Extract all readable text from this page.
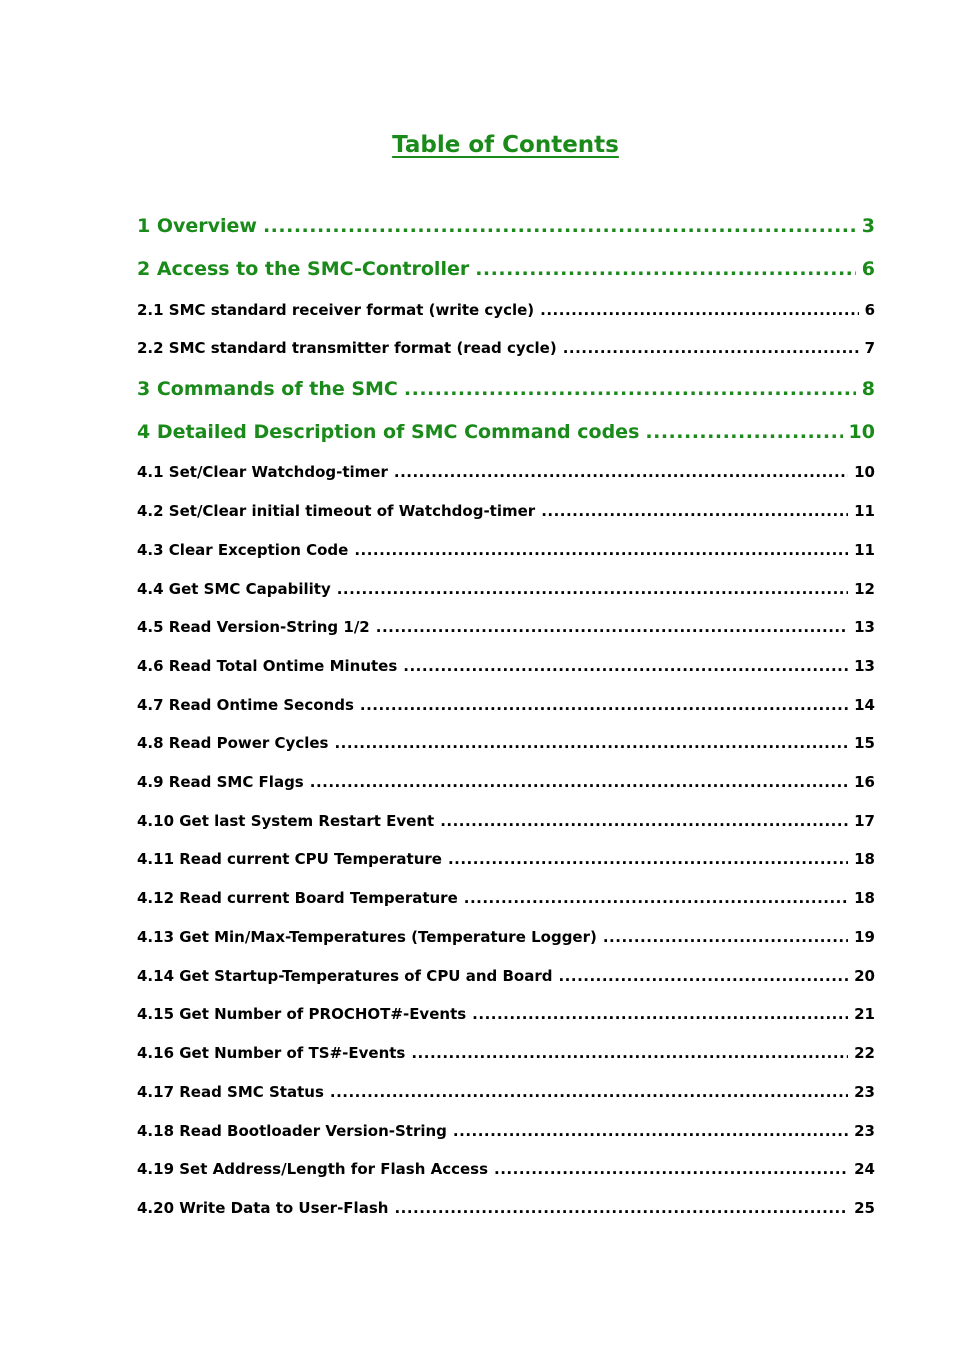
Table of Contents
1 Overview .....	3
2 Access to the SMC-Controller .....	6
2.1 SMC standard receiver format (write cycle) .....	6
2.2 SMC standard transmitter format (read cycle) .....	7
3 Commands of the SMC .....	8
4 Detailed Description of SMC Command codes .....	10
4.1 Set/Clear Watchdog-timer .....	10
4.2 Set/Clear initial timeout of Watchdog-timer .....	11
4.3 Clear Exception Code .....	11
4.4 Get SMC Capability .....	12
4.5 Read Version-String 1/2 .....	13
4.6 Read Total Ontime Minutes .....	13
4.7 Read Ontime Seconds .....	14
4.8 Read Power Cycles .....	15
4.9 Read SMC Flags .....	16
4.10 Get last System Restart Event .....	17
4.11 Read current CPU Temperature .....	18
4.12 Read current Board Temperature .....	18
4.13 Get Min/Max-Temperatures (Temperature Logger) .....	19
4.14 Get Startup-Temperatures of CPU and Board .....	20
4.15 Get Number of PROCHOT#-Events .....	21
4.16 Get Number of TS#-Events .....	22
4.17 Read SMC Status .....	23
4.18 Read Bootloader Version-String .....	23
4.19 Set Address/Length for Flash Access .....	24
4.20 Write Data to User-Flash .....	25
